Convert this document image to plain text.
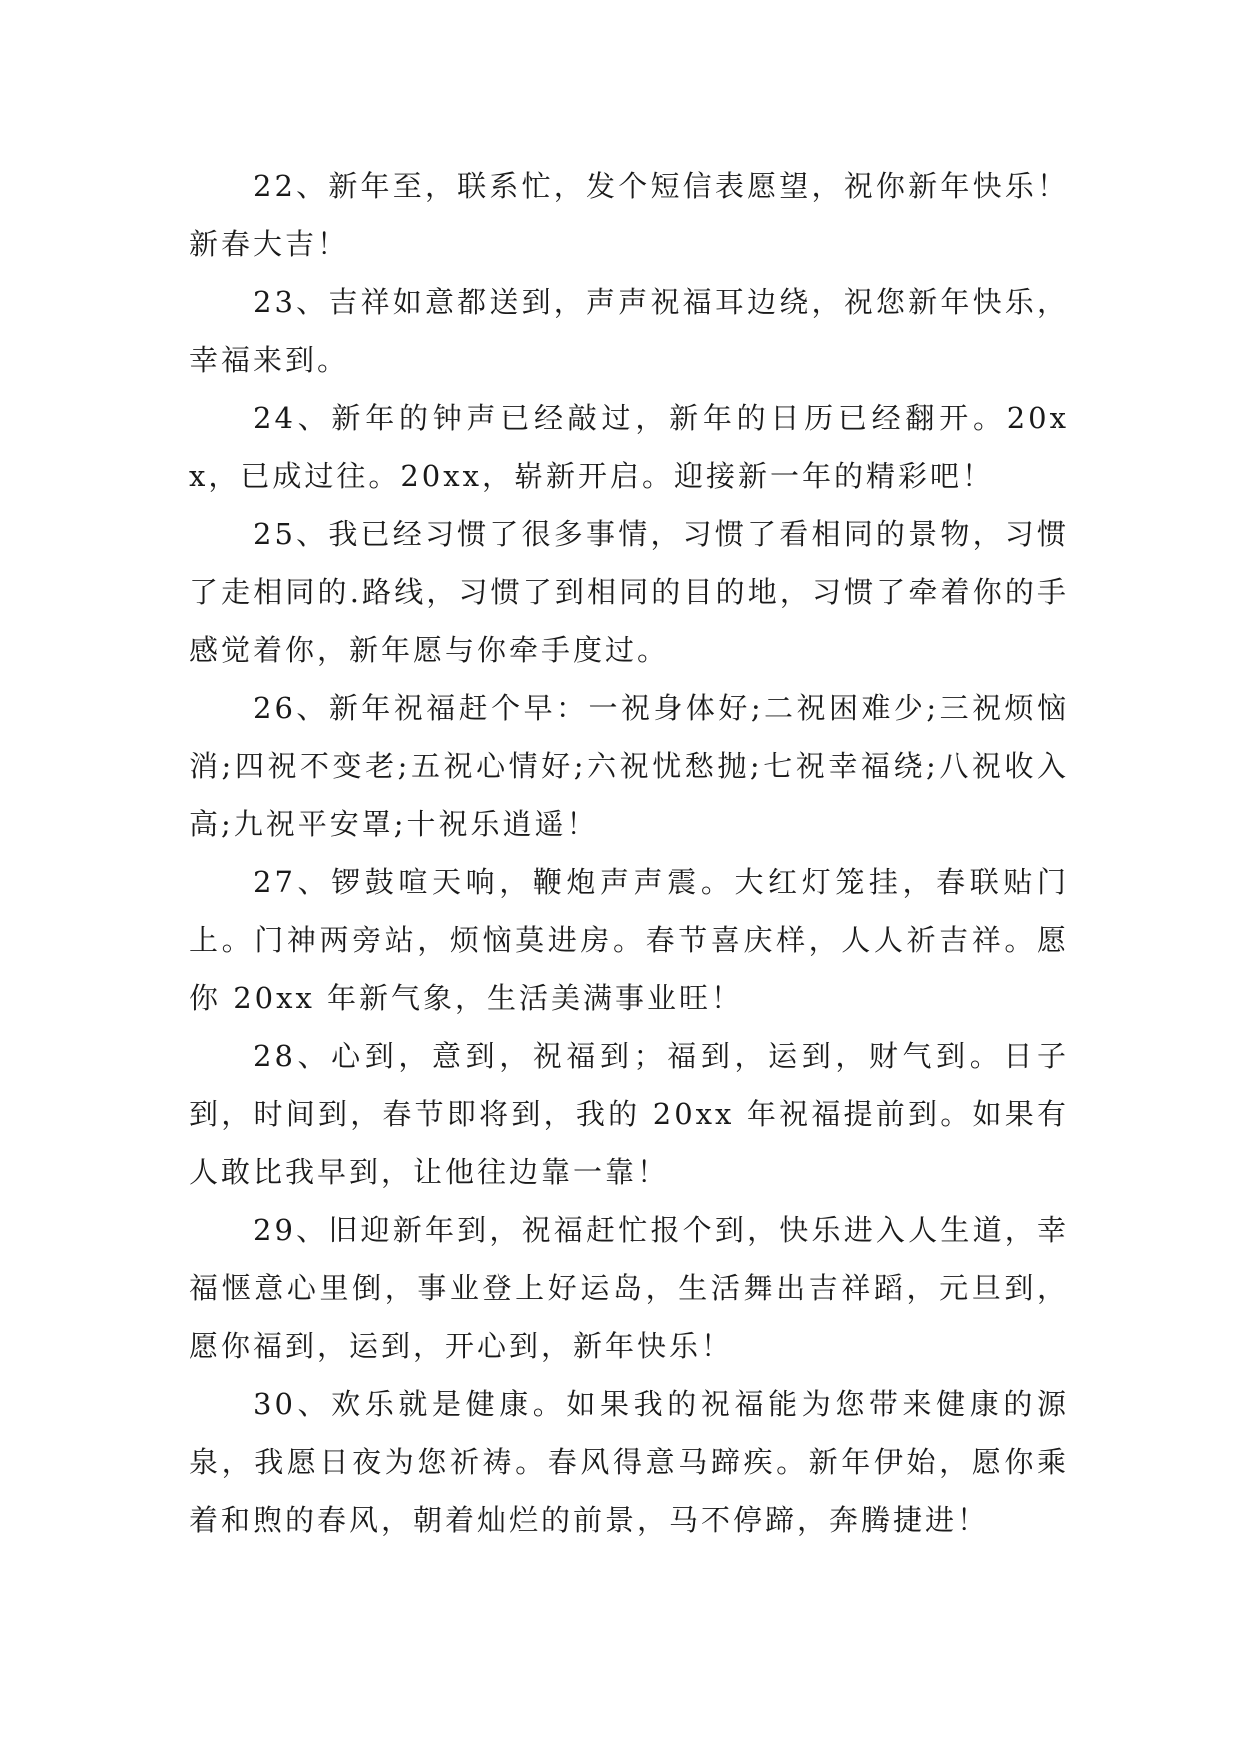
22、新年至，联系忙，发个短信表愿望，祝你新年快乐！新春大吉！

23、吉祥如意都送到，声声祝福耳边绕，祝您新年快乐，幸福来到。

24、新年的钟声已经敲过，新年的日历已经翻开。20xx，已成过往。20xx，崭新开启。迎接新一年的精彩吧！

25、我已经习惯了很多事情，习惯了看相同的景物，习惯了走相同的.路线，习惯了到相同的目的地，习惯了牵着你的手感觉着你，新年愿与你牵手度过。

26、新年祝福赶个早：一祝身体好;二祝困难少;三祝烦恼消;四祝不变老;五祝心情好;六祝忧愁抛;七祝幸福绕;八祝收入高;九祝平安罩;十祝乐逍遥！

27、锣鼓喧天响，鞭炮声声震。大红灯笼挂，春联贴门上。门神两旁站，烦恼莫进房。春节喜庆样，人人祈吉祥。愿你 20xx 年新气象，生活美满事业旺！

28、心到，意到，祝福到；福到，运到，财气到。日子到，时间到，春节即将到，我的 20xx 年祝福提前到。如果有人敢比我早到，让他往边靠一靠！

29、旧迎新年到，祝福赶忙报个到，快乐进入人生道，幸福惬意心里倒，事业登上好运岛，生活舞出吉祥蹈，元旦到，愿你福到，运到，开心到，新年快乐！

30、欢乐就是健康。如果我的祝福能为您带来健康的源泉，我愿日夜为您祈祷。春风得意马蹄疾。新年伊始，愿你乘着和煦的春风，朝着灿烂的前景，马不停蹄，奔腾捷进！
